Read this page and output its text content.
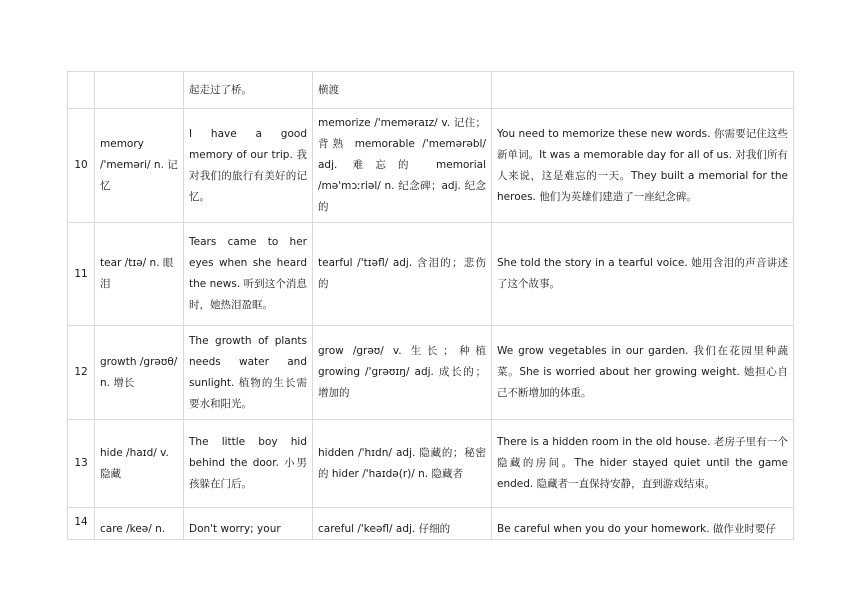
		起走过了桥。	横渡	
10	memory /'meməri/ n. 记忆	I have a good memory of our trip. 我对我们的旅行有美好的记忆。	memorize /'meməraɪz/ v. 记住；背熟 memorable /'memərəbl/ adj. 难忘的 memorial /mə'mɔːriəl/ n. 纪念碑；adj. 纪念的	You need to memorize these new words. 你需要记住这些新单词。It was a memorable day for all of us. 对我们所有人来说，这是难忘的一天。They built a memorial for the heroes. 他们为英雄们建造了一座纪念碑。
11	tear /tɪə/ n. 眼泪	Tears came to her eyes when she heard the news. 听到这个消息时，她热泪盈眶。	tearful /'tɪəfl/ adj. 含泪的；悲伤的	She told the story in a tearful voice. 她用含泪的声音讲述了这个故事。
12	growth /grəʊθ/ n. 增长	The growth of plants needs water and sunlight. 植物的生长需要水和阳光。	grow /grəʊ/ v. 生长；种植 growing /'grəʊɪŋ/ adj. 成长的；增加的	We grow vegetables in our garden. 我们在花园里种蔬菜。She is worried about her growing weight. 她担心自己不断增加的体重。
13	hide /haɪd/ v. 隐藏	The little boy hid behind the door. 小男孩躲在门后。	hidden /'hɪdn/ adj. 隐藏的；秘密的 hider /'haɪdə(r)/ n. 隐藏者	There is a hidden room in the old house. 老房子里有一个隐藏的房间。The hider stayed quiet until the game ended. 隐藏者一直保持安静，直到游戏结束。
14	care /keə/ n.	Don't worry; your	careful /'keəfl/ adj. 仔细的	Be careful when you do your homework. 做作业时要仔
